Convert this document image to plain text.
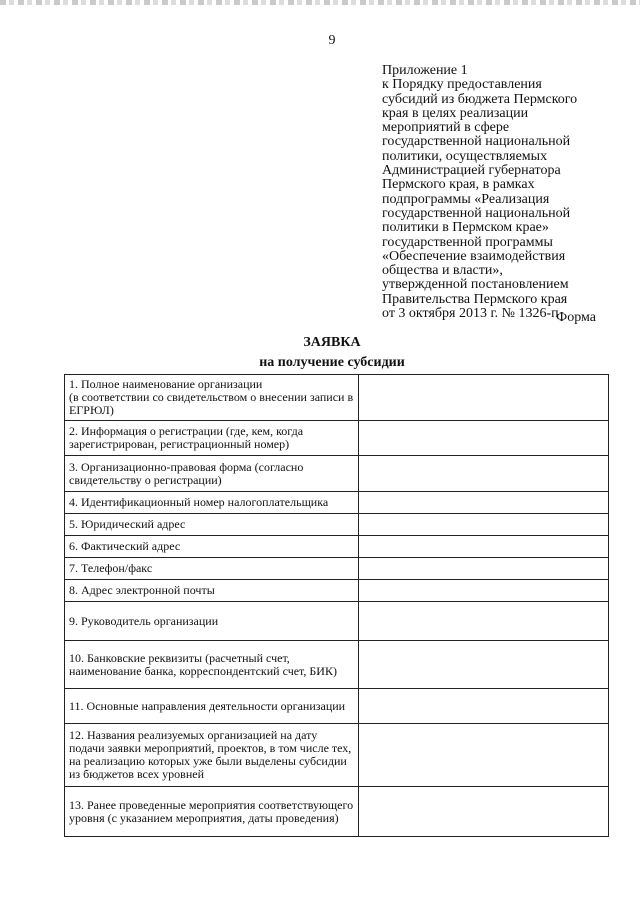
9
Приложение 1
к Порядку предоставления
субсидий из бюджета Пермского
края в целях реализации
мероприятий в сфере
государственной национальной
политики, осуществляемых
Администрацией губернатора
Пермского края, в рамках
подпрограммы «Реализация
государственной национальной
политики в Пермском крае»
государственной программы
«Обеспечение взаимодействия
общества и власти»,
утвержденной постановлением
Правительства Пермского края
от 3 октября 2013 г. № 1326-п
Форма
ЗАЯВКА
на получение субсидии
1. Полное наименование организации
(в соответствии со свидетельством о внесении записи в ЕГРЮЛ)	
2. Информация о регистрации (где, кем, когда зарегистрирован, регистрационный номер)	
3. Организационно-правовая форма (согласно свидетельству о регистрации)	
4. Идентификационный номер налогоплательщика	
5. Юридический адрес	
6. Фактический адрес	
7. Телефон/факс	
8. Адрес электронной почты	
9. Руководитель организации	
10. Банковские реквизиты (расчетный счет, наименование банка, корреспондентский счет, БИК)	
11. Основные направления деятельности организации	
12. Названия реализуемых организацией на дату подачи заявки мероприятий, проектов, в том числе тех, на реализацию которых уже были выделены субсидии из бюджетов всех уровней	
13. Ранее проведенные мероприятия соответствующего уровня (с указанием мероприятия, даты проведения)	
